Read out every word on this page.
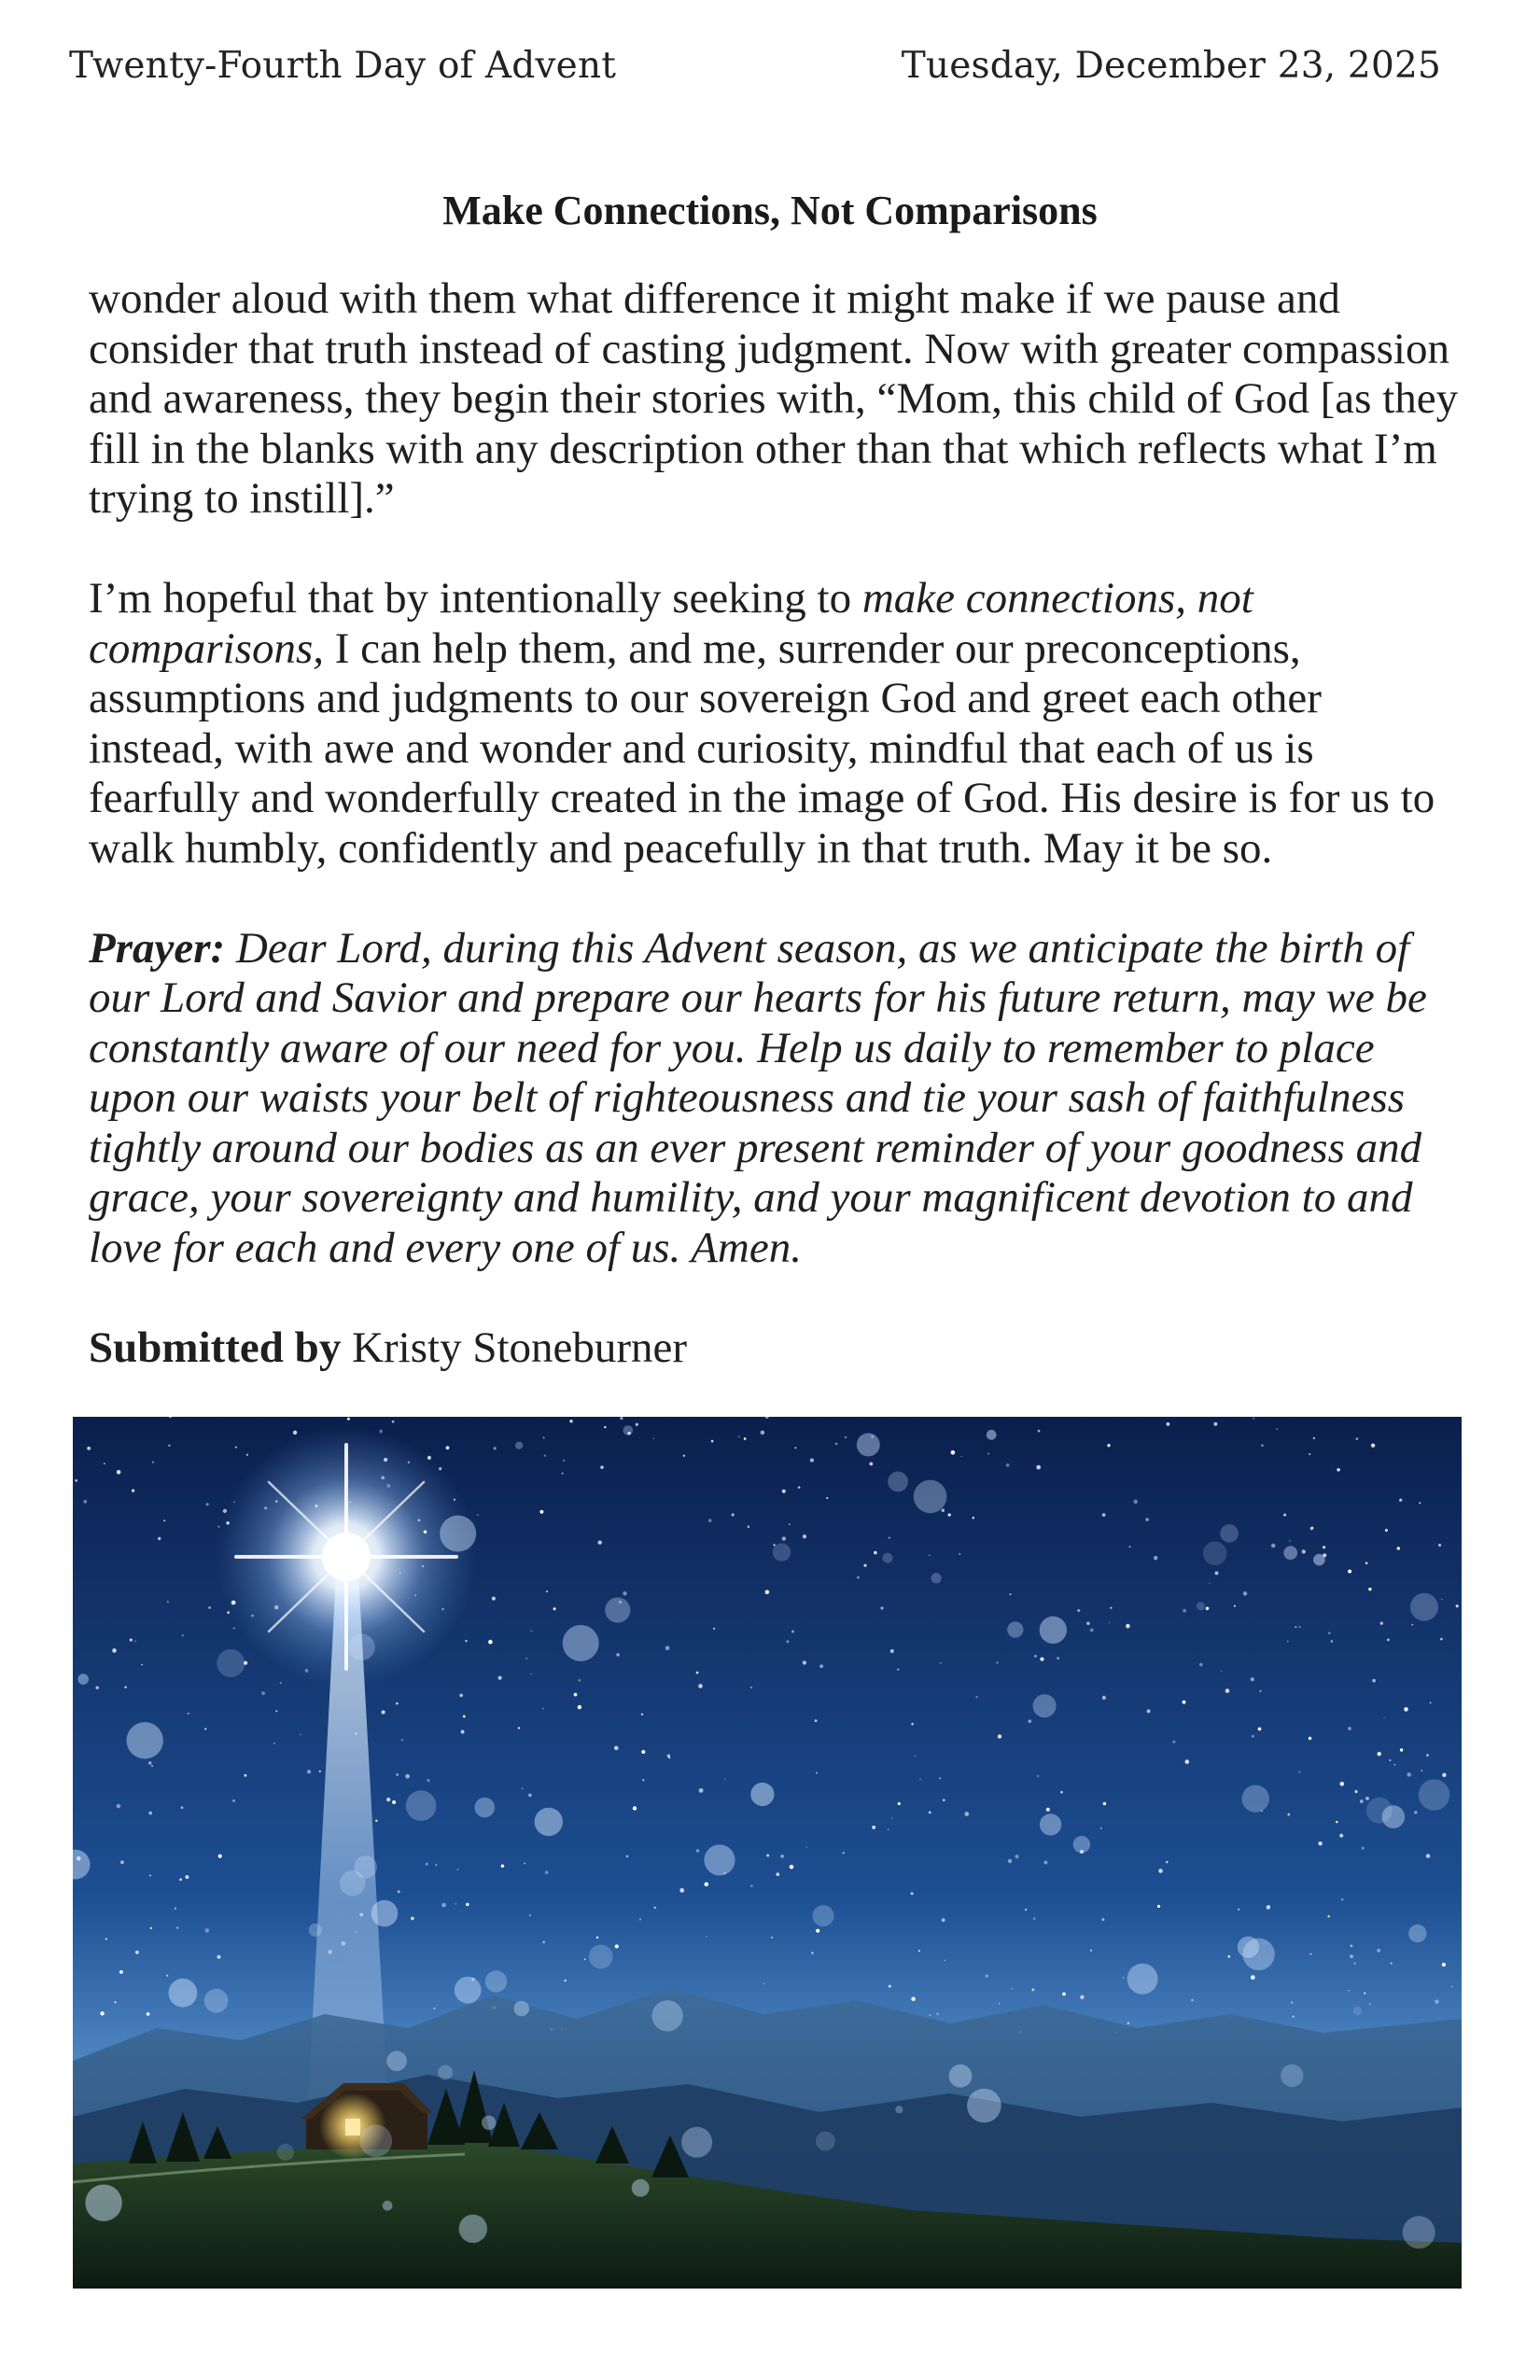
Twenty-Fourth Day of Advent	Tuesday, December 23, 2025
Make Connections, Not Comparisons

wonder aloud with them what difference it might make if we pause and consider that truth instead of casting judgment. Now with greater compassion and awareness, they begin their stories with, “Mom, this child of God [as they fill in the blanks with any description other than that which reflects what I’m trying to instill].”

I’m hopeful that by intentionally seeking to make connections, not comparisons, I can help them, and me, surrender our preconceptions, assumptions and judgments to our sovereign God and greet each other instead, with awe and wonder and curiosity, mindful that each of us is fearfully and wonderfully created in the image of God. His desire is for us to walk humbly, confidently and peacefully in that truth. May it be so.

Prayer: Dear Lord, during this Advent season, as we anticipate the birth of our Lord and Savior and prepare our hearts for his future return, may we be constantly aware of our need for you. Help us daily to remember to place upon our waists your belt of righteousness and tie your sash of faithfulness tightly around our bodies as an ever present reminder of your goodness and grace, your sovereignty and humility, and your magnificent devotion to and love for each and every one of us. Amen.

Submitted by Kristy Stoneburner
